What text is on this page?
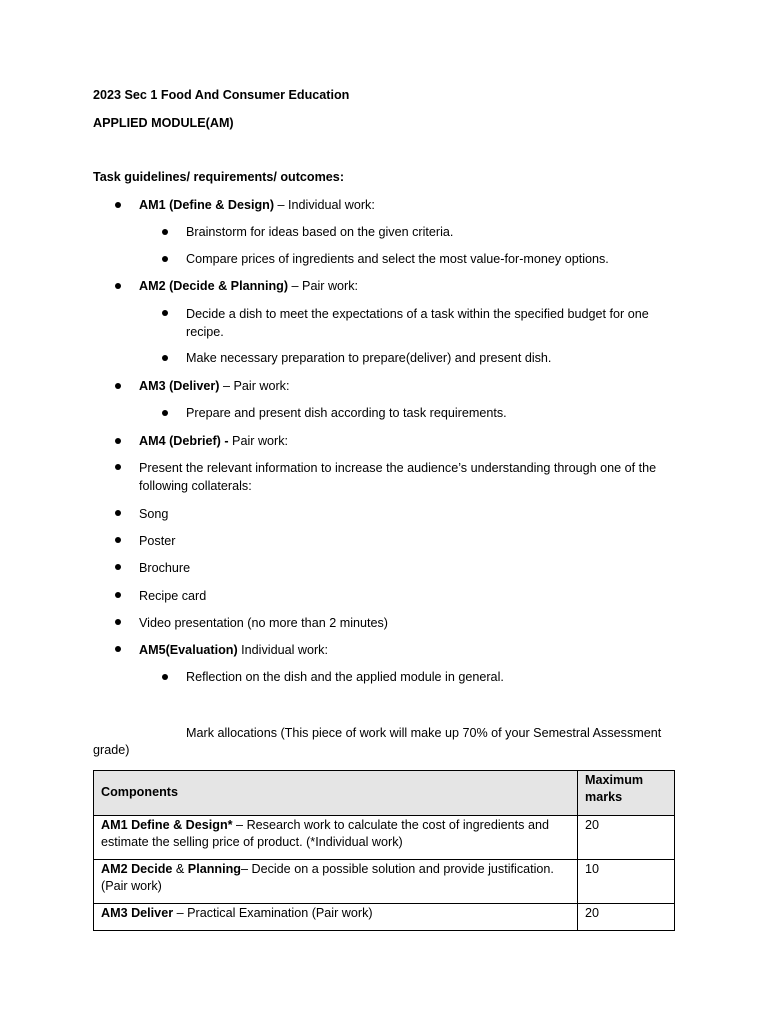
2023 Sec 1 Food And Consumer Education
APPLIED MODULE(AM)
Task guidelines/ requirements/ outcomes:
AM1 (Define & Design) – Individual work:
Brainstorm for ideas based on the given criteria.
Compare prices of ingredients and select the most value-for-money options.
AM2 (Decide & Planning) – Pair work:
Decide a dish to meet the expectations of a task within the specified budget for one recipe.
Make necessary preparation to prepare(deliver) and present dish.
AM3 (Deliver) – Pair work:
Prepare and present dish according to task requirements.
AM4 (Debrief) - Pair work:
Present the relevant information to increase the audience’s understanding through one of the following collaterals:
Song
Poster
Brochure
Recipe card
Video presentation (no more than 2 minutes)
AM5(Evaluation) Individual work:
Reflection on the dish and the applied module in general.
Mark allocations (This piece of work will make up 70% of your Semestral Assessment
grade)
Components	Maximum marks
AM1 Define & Design* – Research work to calculate the cost of ingredients and estimate the selling price of product. (*Individual work)	20
AM2 Decide & Planning– Decide on a possible solution and provide justification. (Pair work)	10
AM3 Deliver – Practical Examination (Pair work)	20
